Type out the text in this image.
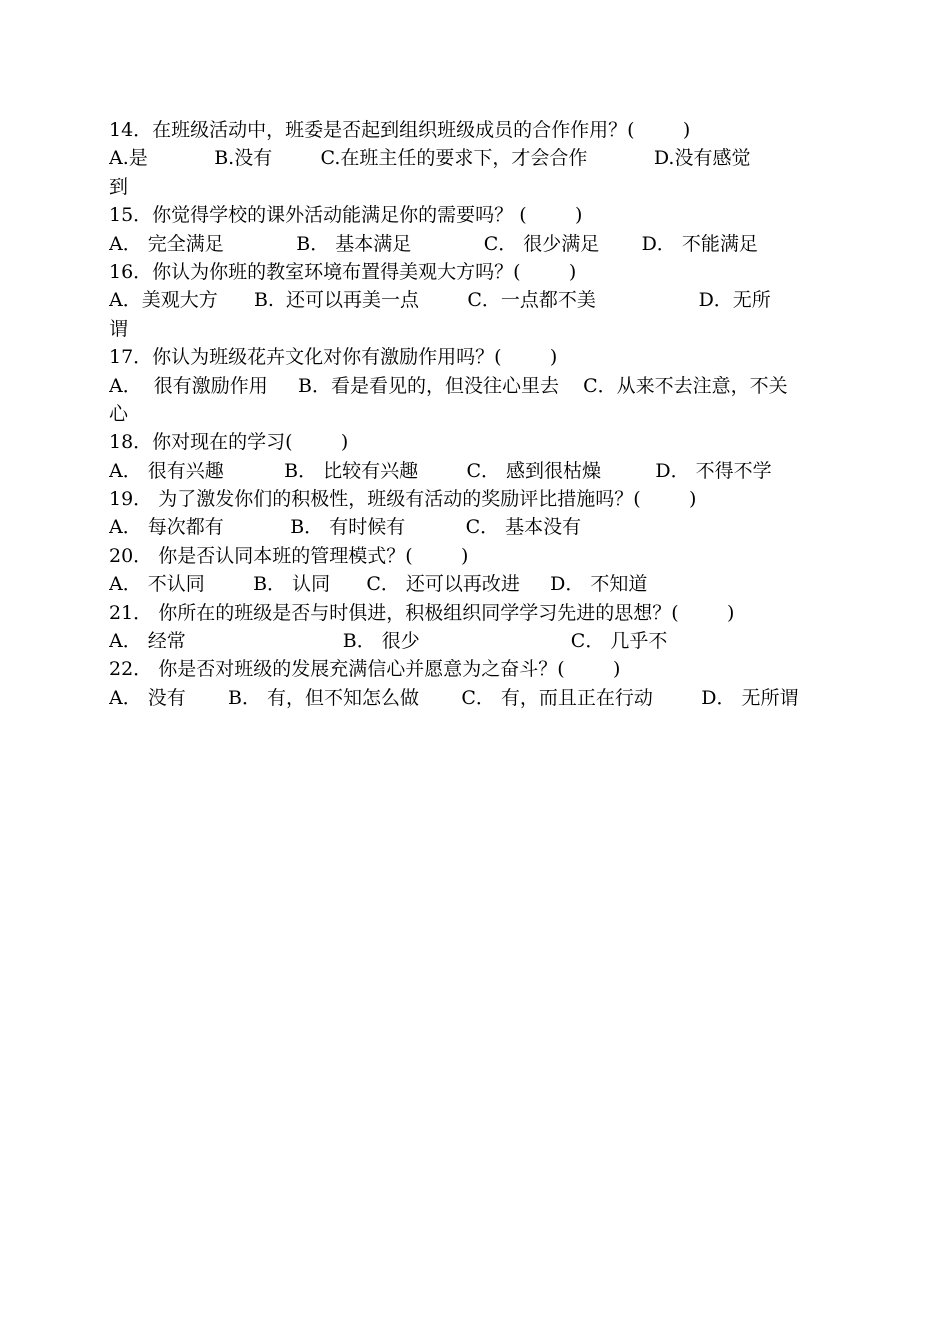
14．在班级活动中，班委是否起到组织班级成员的合作作用？(        )
A.是           B.没有        C.在班主任的要求下，才会合作           D.没有感觉
到
15．你觉得学校的课外活动能满足你的需要吗？ (        )
A． 完全满足            B． 基本满足            C． 很少满足       D． 不能满足
16．你认为你班的教室环境布置得美观大方吗？(        )
A．美观大方      B.  还可以再美一点        C．一点都不美                 D．无所
谓
17．你认为班级花卉文化对你有激励作用吗？(        )
A．  很有激励作用     B．看是看见的，但没往心里去    C．从来不去注意，不关
心
18．你对现在的学习(        )
A． 很有兴趣          B． 比较有兴趣        C． 感到很枯燥         D． 不得不学
19． 为了激发你们的积极性，班级有活动的奖励评比措施吗？(        )
A． 每次都有           B． 有时候有          C． 基本没有
20． 你是否认同本班的管理模式？(        )
A． 不认同        B． 认同      C． 还可以再改进     D． 不知道
21． 你所在的班级是否与时俱进，积极组织同学学习先进的思想？(        )
A． 经常                          B． 很少                         C． 几乎不
22． 你是否对班级的发展充满信心并愿意为之奋斗？(        )
A． 没有       B． 有，但不知怎么做       C． 有，而且正在行动        D． 无所谓
